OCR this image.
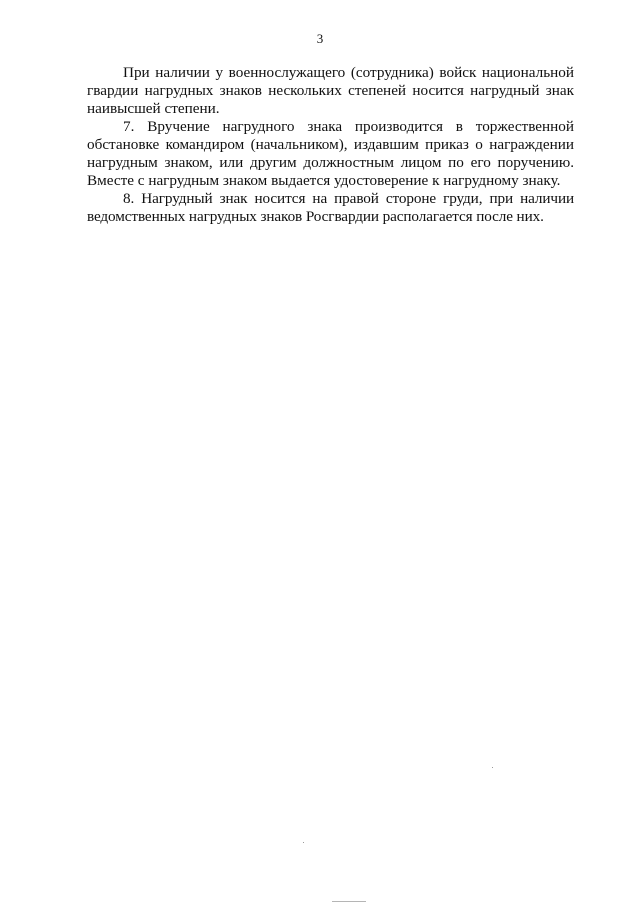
3

При наличии у военнослужащего (сотрудника) войск национальной гвардии нагрудных знаков нескольких степеней носится нагрудный знак наивысшей степени.

7. Вручение нагрудного знака производится в торжественной обстановке командиром (начальником), издавшим приказ о награждении нагрудным знаком, или другим должностным лицом по его поручению. Вместе с нагрудным знаком выдается удостоверение к нагрудному знаку.

8. Нагрудный знак носится на правой стороне груди, при наличии ведомственных нагрудных знаков Росгвардии располагается после них.
